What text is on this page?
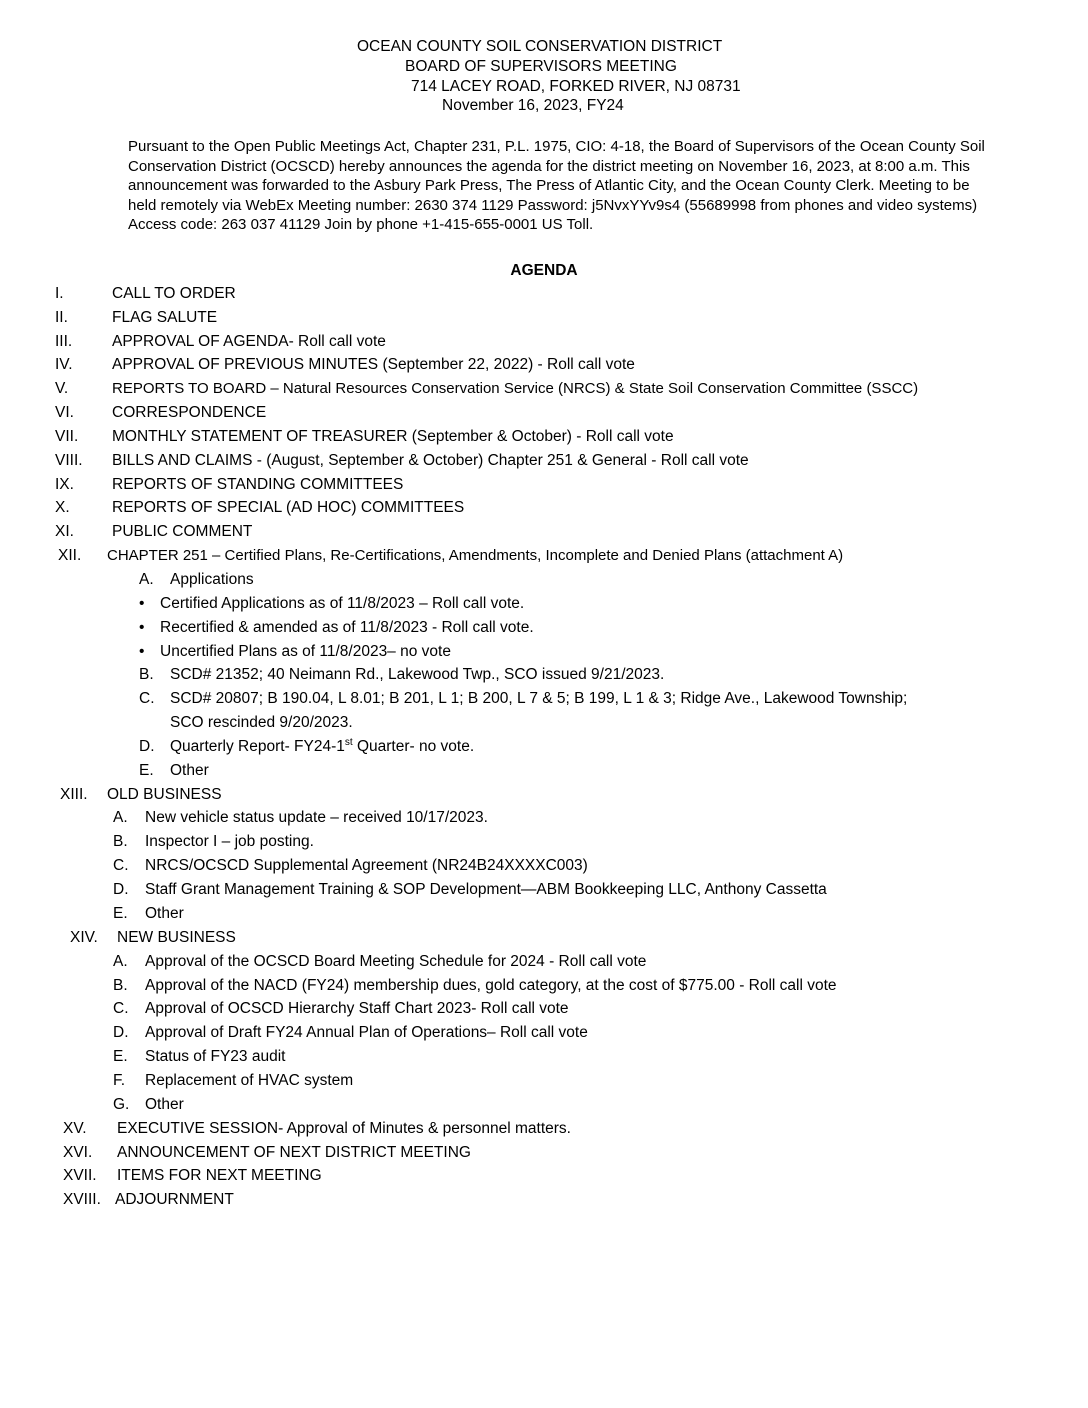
OCEAN COUNTY SOIL CONSERVATION DISTRICT
BOARD OF SUPERVISORS MEETING
714 LACEY ROAD, FORKED RIVER, NJ 08731
November 16, 2023, FY24
Pursuant to the Open Public Meetings Act, Chapter 231, P.L. 1975, CIO: 4-18, the Board of Supervisors of the Ocean County Soil Conservation District (OCSCD) hereby announces the agenda for the district meeting on November 16, 2023, at 8:00 a.m. This announcement was forwarded to the Asbury Park Press, The Press of Atlantic City, and the Ocean County Clerk. Meeting to be held remotely via WebEx Meeting number: 2630 374 1129 Password: j5NvxYYv9s4 (55689998 from phones and video systems) Access code: 263 037 41129 Join by phone +1-415-655-0001 US Toll.
AGENDA
I.	CALL TO ORDER
II.	FLAG SALUTE
III.	APPROVAL OF AGENDA- Roll call vote
IV.	APPROVAL OF PREVIOUS MINUTES (September 22, 2022) - Roll call vote
V.	REPORTS TO BOARD – Natural Resources Conservation Service (NRCS) & State Soil Conservation Committee (SSCC)
VI. CORRESPONDENCE
VII. MONTHLY STATEMENT OF TREASURER (September & October) - Roll call vote
VIII. BILLS AND CLAIMS - (August, September & October) Chapter 251 & General - Roll call vote
IX. REPORTS OF STANDING COMMITTEES
X.	REPORTS OF SPECIAL (AD HOC) COMMITTEES
XI. PUBLIC COMMENT
XII. CHAPTER 251 – Certified Plans, Re-Certifications, Amendments, Incomplete and Denied Plans (attachment A)
A. Applications
• Certified Applications as of 11/8/2023 – Roll call vote.
• Recertified & amended as of 11/8/2023 - Roll call vote.
• Uncertified Plans as of 11/8/2023– no vote
B. SCD# 21352; 40 Neimann Rd., Lakewood Twp., SCO issued 9/21/2023.
C. SCD# 20807; B 190.04, L 8.01; B 201, L 1; B 200, L 7 & 5; B 199, L 1 & 3; Ridge Ave., Lakewood Township;
SCO rescinded 9/20/2023.
D. Quarterly Report- FY24-1st Quarter- no vote.
E. Other
XIII. OLD BUSINESS
A. New vehicle status update – received 10/17/2023.
B. Inspector I – job posting.
C. NRCS/OCSCD Supplemental Agreement (NR24B24XXXXC003)
D. Staff Grant Management Training & SOP Development—ABM Bookkeeping LLC, Anthony Cassetta
E. Other
XIV. NEW BUSINESS
A. Approval of the OCSCD Board Meeting Schedule for 2024 - Roll call vote
B. Approval of the NACD (FY24) membership dues, gold category, at the cost of $775.00 - Roll call vote
C. Approval of OCSCD Hierarchy Staff Chart 2023- Roll call vote
D. Approval of Draft FY24 Annual Plan of Operations– Roll call vote
E. Status of FY23 audit
F. Replacement of HVAC system
G. Other
XV. EXECUTIVE SESSION- Approval of Minutes & personnel matters.
XVI. ANNOUNCEMENT OF NEXT DISTRICT MEETING
XVII. ITEMS FOR NEXT MEETING
XVIII. ADJOURNMENT
